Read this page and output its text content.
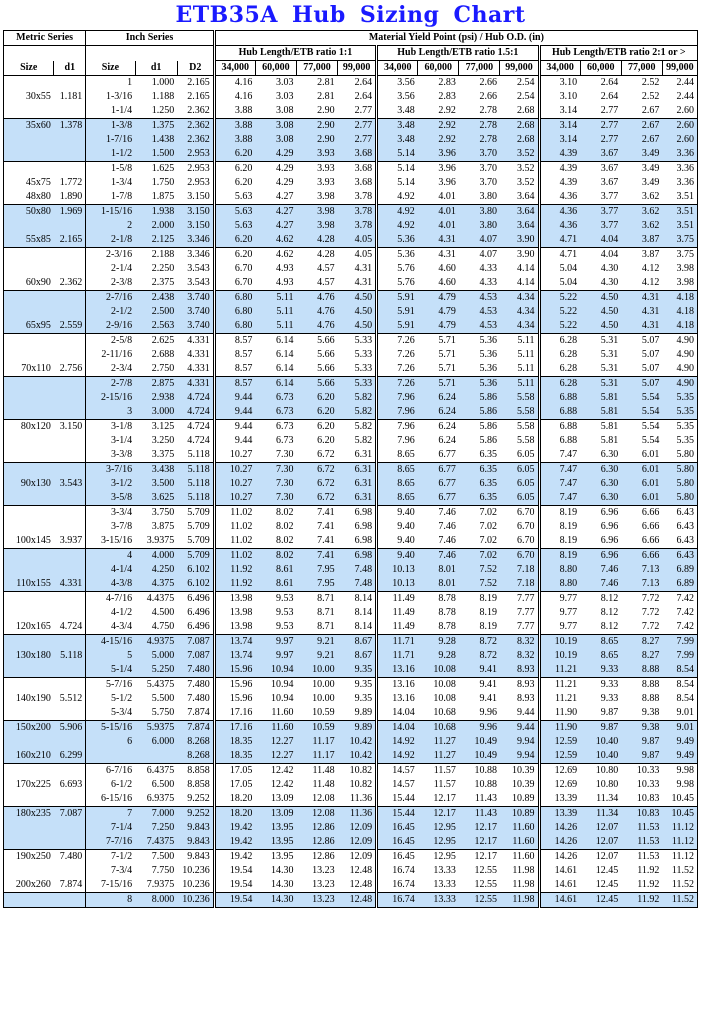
ETB35A Hub Sizing Chart
Metric Series		Inch Series			Material Yield Point (psi) / Hub O.D. (in)											
					Hub Length/ETB ratio 1:1				Hub Length/ETB ratio 1.5:1				Hub Length/ETB ratio 2:1 or >			
Size	d1	Size	d1	D2	34,000	60,000	77,000	99,000	34,000	60,000	77,000	99,000	34,000	60,000	77,000	99,000
		1	1.000	2.165	4.16	3.03	2.81	2.64	3.56	2.83	2.66	2.54	3.10	2.64	2.52	2.44
30x55	1.181	1-3/16	1.188	2.165	4.16	3.03	2.81	2.64	3.56	2.83	2.66	2.54	3.10	2.64	2.52	2.44
		1-1/4	1.250	2.362	3.88	3.08	2.90	2.77	3.48	2.92	2.78	2.68	3.14	2.77	2.67	2.60
35x60	1.378	1-3/8	1.375	2.362	3.88	3.08	2.90	2.77	3.48	2.92	2.78	2.68	3.14	2.77	2.67	2.60
		1-7/16	1.438	2.362	3.88	3.08	2.90	2.77	3.48	2.92	2.78	2.68	3.14	2.77	2.67	2.60
		1-1/2	1.500	2.953	6.20	4.29	3.93	3.68	5.14	3.96	3.70	3.52	4.39	3.67	3.49	3.36
		1-5/8	1.625	2.953	6.20	4.29	3.93	3.68	5.14	3.96	3.70	3.52	4.39	3.67	3.49	3.36
45x75	1.772	1-3/4	1.750	2.953	6.20	4.29	3.93	3.68	5.14	3.96	3.70	3.52	4.39	3.67	3.49	3.36
48x80	1.890	1-7/8	1.875	3.150	5.63	4.27	3.98	3.78	4.92	4.01	3.80	3.64	4.36	3.77	3.62	3.51
50x80	1.969	1-15/16	1.938	3.150	5.63	4.27	3.98	3.78	4.92	4.01	3.80	3.64	4.36	3.77	3.62	3.51
		2	2.000	3.150	5.63	4.27	3.98	3.78	4.92	4.01	3.80	3.64	4.36	3.77	3.62	3.51
55x85	2.165	2-1/8	2.125	3.346	6.20	4.62	4.28	4.05	5.36	4.31	4.07	3.90	4.71	4.04	3.87	3.75
		2-3/16	2.188	3.346	6.20	4.62	4.28	4.05	5.36	4.31	4.07	3.90	4.71	4.04	3.87	3.75
		2-1/4	2.250	3.543	6.70	4.93	4.57	4.31	5.76	4.60	4.33	4.14	5.04	4.30	4.12	3.98
60x90	2.362	2-3/8	2.375	3.543	6.70	4.93	4.57	4.31	5.76	4.60	4.33	4.14	5.04	4.30	4.12	3.98
		2-7/16	2.438	3.740	6.80	5.11	4.76	4.50	5.91	4.79	4.53	4.34	5.22	4.50	4.31	4.18
		2-1/2	2.500	3.740	6.80	5.11	4.76	4.50	5.91	4.79	4.53	4.34	5.22	4.50	4.31	4.18
65x95	2.559	2-9/16	2.563	3.740	6.80	5.11	4.76	4.50	5.91	4.79	4.53	4.34	5.22	4.50	4.31	4.18
		2-5/8	2.625	4.331	8.57	6.14	5.66	5.33	7.26	5.71	5.36	5.11	6.28	5.31	5.07	4.90
		2-11/16	2.688	4.331	8.57	6.14	5.66	5.33	7.26	5.71	5.36	5.11	6.28	5.31	5.07	4.90
70x110	2.756	2-3/4	2.750	4.331	8.57	6.14	5.66	5.33	7.26	5.71	5.36	5.11	6.28	5.31	5.07	4.90
		2-7/8	2.875	4.331	8.57	6.14	5.66	5.33	7.26	5.71	5.36	5.11	6.28	5.31	5.07	4.90
		2-15/16	2.938	4.724	9.44	6.73	6.20	5.82	7.96	6.24	5.86	5.58	6.88	5.81	5.54	5.35
		3	3.000	4.724	9.44	6.73	6.20	5.82	7.96	6.24	5.86	5.58	6.88	5.81	5.54	5.35
80x120	3.150	3-1/8	3.125	4.724	9.44	6.73	6.20	5.82	7.96	6.24	5.86	5.58	6.88	5.81	5.54	5.35
		3-1/4	3.250	4.724	9.44	6.73	6.20	5.82	7.96	6.24	5.86	5.58	6.88	5.81	5.54	5.35
		3-3/8	3.375	5.118	10.27	7.30	6.72	6.31	8.65	6.77	6.35	6.05	7.47	6.30	6.01	5.80
		3-7/16	3.438	5.118	10.27	7.30	6.72	6.31	8.65	6.77	6.35	6.05	7.47	6.30	6.01	5.80
90x130	3.543	3-1/2	3.500	5.118	10.27	7.30	6.72	6.31	8.65	6.77	6.35	6.05	7.47	6.30	6.01	5.80
		3-5/8	3.625	5.118	10.27	7.30	6.72	6.31	8.65	6.77	6.35	6.05	7.47	6.30	6.01	5.80
		3-3/4	3.750	5.709	11.02	8.02	7.41	6.98	9.40	7.46	7.02	6.70	8.19	6.96	6.66	6.43
		3-7/8	3.875	5.709	11.02	8.02	7.41	6.98	9.40	7.46	7.02	6.70	8.19	6.96	6.66	6.43
100x145	3.937	3-15/16	3.9375	5.709	11.02	8.02	7.41	6.98	9.40	7.46	7.02	6.70	8.19	6.96	6.66	6.43
		4	4.000	5.709	11.02	8.02	7.41	6.98	9.40	7.46	7.02	6.70	8.19	6.96	6.66	6.43
		4-1/4	4.250	6.102	11.92	8.61	7.95	7.48	10.13	8.01	7.52	7.18	8.80	7.46	7.13	6.89
110x155	4.331	4-3/8	4.375	6.102	11.92	8.61	7.95	7.48	10.13	8.01	7.52	7.18	8.80	7.46	7.13	6.89
		4-7/16	4.4375	6.496	13.98	9.53	8.71	8.14	11.49	8.78	8.19	7.77	9.77	8.12	7.72	7.42
		4-1/2	4.500	6.496	13.98	9.53	8.71	8.14	11.49	8.78	8.19	7.77	9.77	8.12	7.72	7.42
120x165	4.724	4-3/4	4.750	6.496	13.98	9.53	8.71	8.14	11.49	8.78	8.19	7.77	9.77	8.12	7.72	7.42
		4-15/16	4.9375	7.087	13.74	9.97	9.21	8.67	11.71	9.28	8.72	8.32	10.19	8.65	8.27	7.99
130x180	5.118	5	5.000	7.087	13.74	9.97	9.21	8.67	11.71	9.28	8.72	8.32	10.19	8.65	8.27	7.99
		5-1/4	5.250	7.480	15.96	10.94	10.00	9.35	13.16	10.08	9.41	8.93	11.21	9.33	8.88	8.54
		5-7/16	5.4375	7.480	15.96	10.94	10.00	9.35	13.16	10.08	9.41	8.93	11.21	9.33	8.88	8.54
140x190	5.512	5-1/2	5.500	7.480	15.96	10.94	10.00	9.35	13.16	10.08	9.41	8.93	11.21	9.33	8.88	8.54
		5-3/4	5.750	7.874	17.16	11.60	10.59	9.89	14.04	10.68	9.96	9.44	11.90	9.87	9.38	9.01
150x200	5.906	5-15/16	5.9375	7.874	17.16	11.60	10.59	9.89	14.04	10.68	9.96	9.44	11.90	9.87	9.38	9.01
		6	6.000	8.268	18.35	12.27	11.17	10.42	14.92	11.27	10.49	9.94	12.59	10.40	9.87	9.49
160x210	6.299			8.268	18.35	12.27	11.17	10.42	14.92	11.27	10.49	9.94	12.59	10.40	9.87	9.49
		6-7/16	6.4375	8.858	17.05	12.42	11.48	10.82	14.57	11.57	10.88	10.39	12.69	10.80	10.33	9.98
170x225	6.693	6-1/2	6.500	8.858	17.05	12.42	11.48	10.82	14.57	11.57	10.88	10.39	12.69	10.80	10.33	9.98
		6-15/16	6.9375	9.252	18.20	13.09	12.08	11.36	15.44	12.17	11.43	10.89	13.39	11.34	10.83	10.45
180x235	7.087	7	7.000	9.252	18.20	13.09	12.08	11.36	15.44	12.17	11.43	10.89	13.39	11.34	10.83	10.45
		7-1/4	7.250	9.843	19.42	13.95	12.86	12.09	16.45	12.95	12.17	11.60	14.26	12.07	11.53	11.12
		7-7/16	7.4375	9.843	19.42	13.95	12.86	12.09	16.45	12.95	12.17	11.60	14.26	12.07	11.53	11.12
190x250	7.480	7-1/2	7.500	9.843	19.42	13.95	12.86	12.09	16.45	12.95	12.17	11.60	14.26	12.07	11.53	11.12
		7-3/4	7.750	10.236	19.54	14.30	13.23	12.48	16.74	13.33	12.55	11.98	14.61	12.45	11.92	11.52
200x260	7.874	7-15/16	7.9375	10.236	19.54	14.30	13.23	12.48	16.74	13.33	12.55	11.98	14.61	12.45	11.92	11.52
		8	8.000	10.236	19.54	14.30	13.23	12.48	16.74	13.33	12.55	11.98	14.61	12.45	11.92	11.52
